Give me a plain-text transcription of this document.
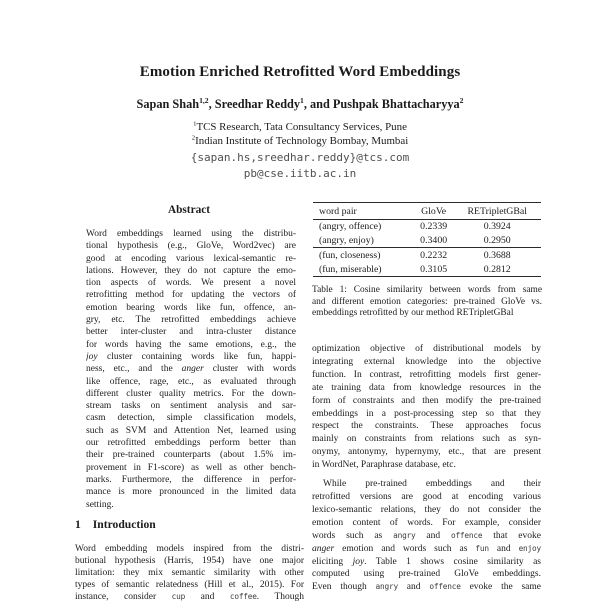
Emotion Enriched Retrofitted Word Embeddings
Sapan Shah$^{1,2}$, Sreedhar Reddy$^1$, and Pushpak Bhattacharyya$^2$
$^1$TCS Research, Tata Consultancy Services, Pune
$^2$Indian Institute of Technology Bombay, Mumbai
{sapan.hs,sreedhar.reddy}@tcs.com
pb@cse.iitb.ac.in
Abstract
Word embeddings learned using the distribu-
tional hypothesis (e.g., GloVe, Word2vec) are
good at encoding various lexical-semantic re-
lations. However, they do not capture the emo-
tion aspects of words. We present a novel
retrofitting method for updating the vectors of
emotion bearing words like fun, offence, an-
gry, etc. The retrofitted embeddings achieve
better inter-cluster and intra-cluster distance
for words having the same emotions, e.g., the
joy cluster containing words like fun, happi-
ness, etc., and the anger cluster with words
like offence, rage, etc., as evaluated through
different cluster quality metrics. For the down-
stream tasks on sentiment analysis and sar-
casm detection, simple classification models,
such as SVM and Attention Net, learned using
our retrofitted embeddings perform better than
their pre-trained counterparts (about 1.5% im-
provement in F1-score) as well as other bench-
marks. Furthermore, the difference in perfor-
mance is more pronounced in the limited data
setting.
1 Introduction
Word embedding models inspired from the distri-
butional hypothesis (Harris, 1954) have one major
limitation: they mix semantic similarity with other
types of semantic relatedness (Hill et al., 2015). For
instance, consider cup and coffee. Though
word pair	GloVe	RETripletGBal
(angry, offence)	0.2339	0.3924
(angry, enjoy)	0.3400	0.2950
(fun, closeness)	0.2232	0.3688
(fun, miserable)	0.3105	0.2812
Table 1: Cosine similarity between words from same
and different emotion categories: pre-trained GloVe vs.
embeddings retrofitted by our method RETripletGBal
optimization objective of distributional models by
integrating external knowledge into the objective
function. In contrast, retrofitting models first gener-
ate training data from knowledge resources in the
form of constraints and then modify the pre-trained
embeddings in a post-processing step so that they
respect the constraints. These approaches focus
mainly on constraints from relations such as syn-
onymy, antonymy, hypernymy, etc., that are present
in WordNet, Paraphrase database, etc.
While pre-trained embeddings and their
retrofitted versions are good at encoding various
lexico-semantic relations, they do not consider the
emotion content of words. For example, consider
words such as angry and offence that evoke
anger emotion and words such as fun and enjoy
eliciting joy. Table 1 shows cosine similarity as
computed using pre-trained GloVe embeddings.
Even though angry and offence evoke the same
